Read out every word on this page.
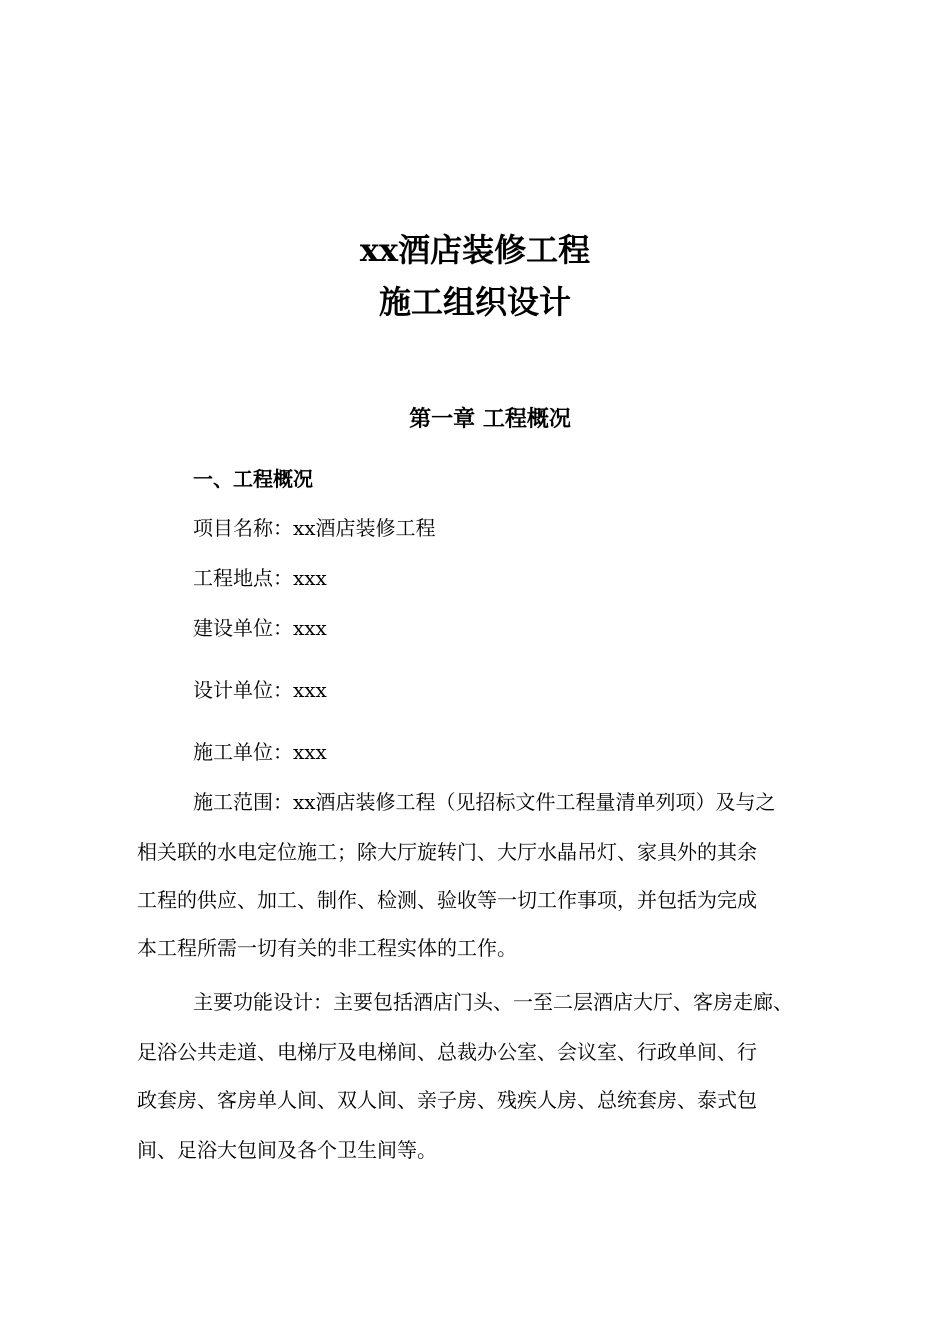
xx酒店装修工程
施工组织设计
第一章 工程概况
一、工程概况
项目名称：xx酒店装修工程
工程地点：xxx
建设单位：xxx
设计单位：xxx
施工单位：xxx
施工范围：xx酒店装修工程（见招标文件工程量清单列项）及与之
相关联的水电定位施工；除大厅旋转门、大厅水晶吊灯、家具外的其余
工程的供应、加工、制作、检测、验收等一切工作事项，并包括为完成
本工程所需一切有关的非工程实体的工作。
主要功能设计：主要包括酒店门头、一至二层酒店大厅、客房走廊、
足浴公共走道、电梯厅及电梯间、总裁办公室、会议室、行政单间、行
政套房、客房单人间、双人间、亲子房、残疾人房、总统套房、泰式包
间、足浴大包间及各个卫生间等。
